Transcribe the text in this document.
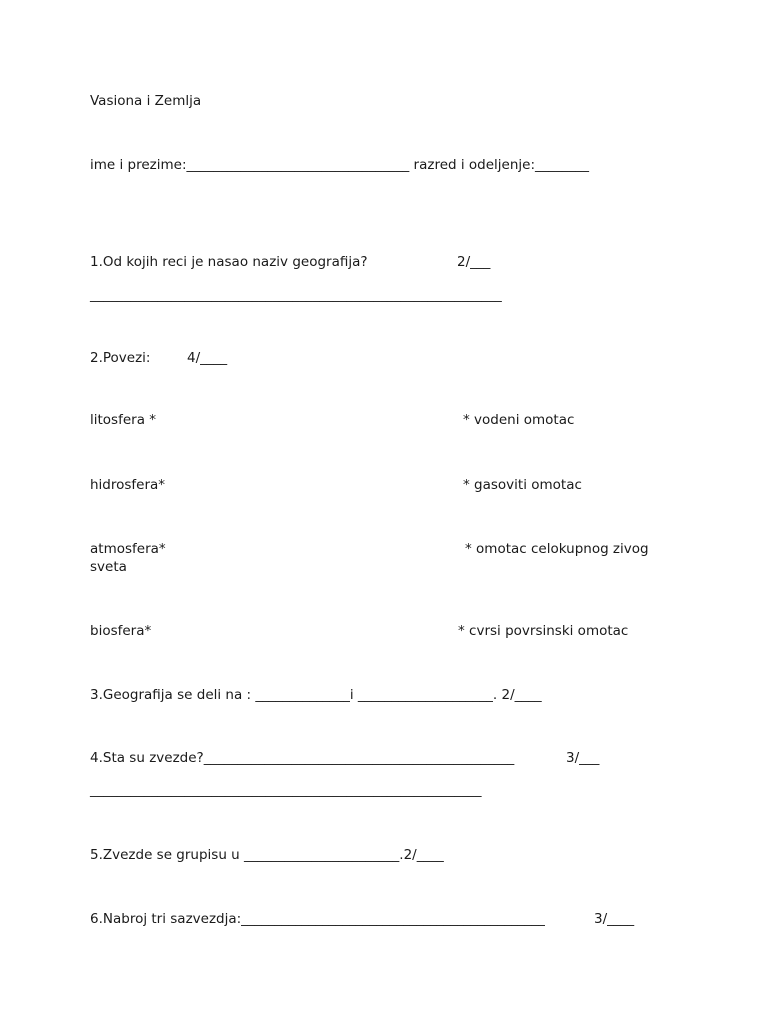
Vasiona i Zemlja
ime i prezime:_________________________________ razred i odeljenje:________
1.Od kojih reci je nasao naziv geografija?	2/___
_____________________________________________________________
2.Povezi:	4/____
litosfera *	* vodeni omotac
hidrosfera*	* gasoviti omotac
atmosfera*	* omotac celokupnog zivog
sveta
biosfera*	* cvrsi povrsinski omotac
3.Geografija se deli na : ______________i ____________________. 2/____
4.Sta su zvezde?______________________________________________	3/___
__________________________________________________________
5.Zvezde se grupisu u _______________________.2/____
6.Nabroj tri sazvezdja:_____________________________________________	3/____
